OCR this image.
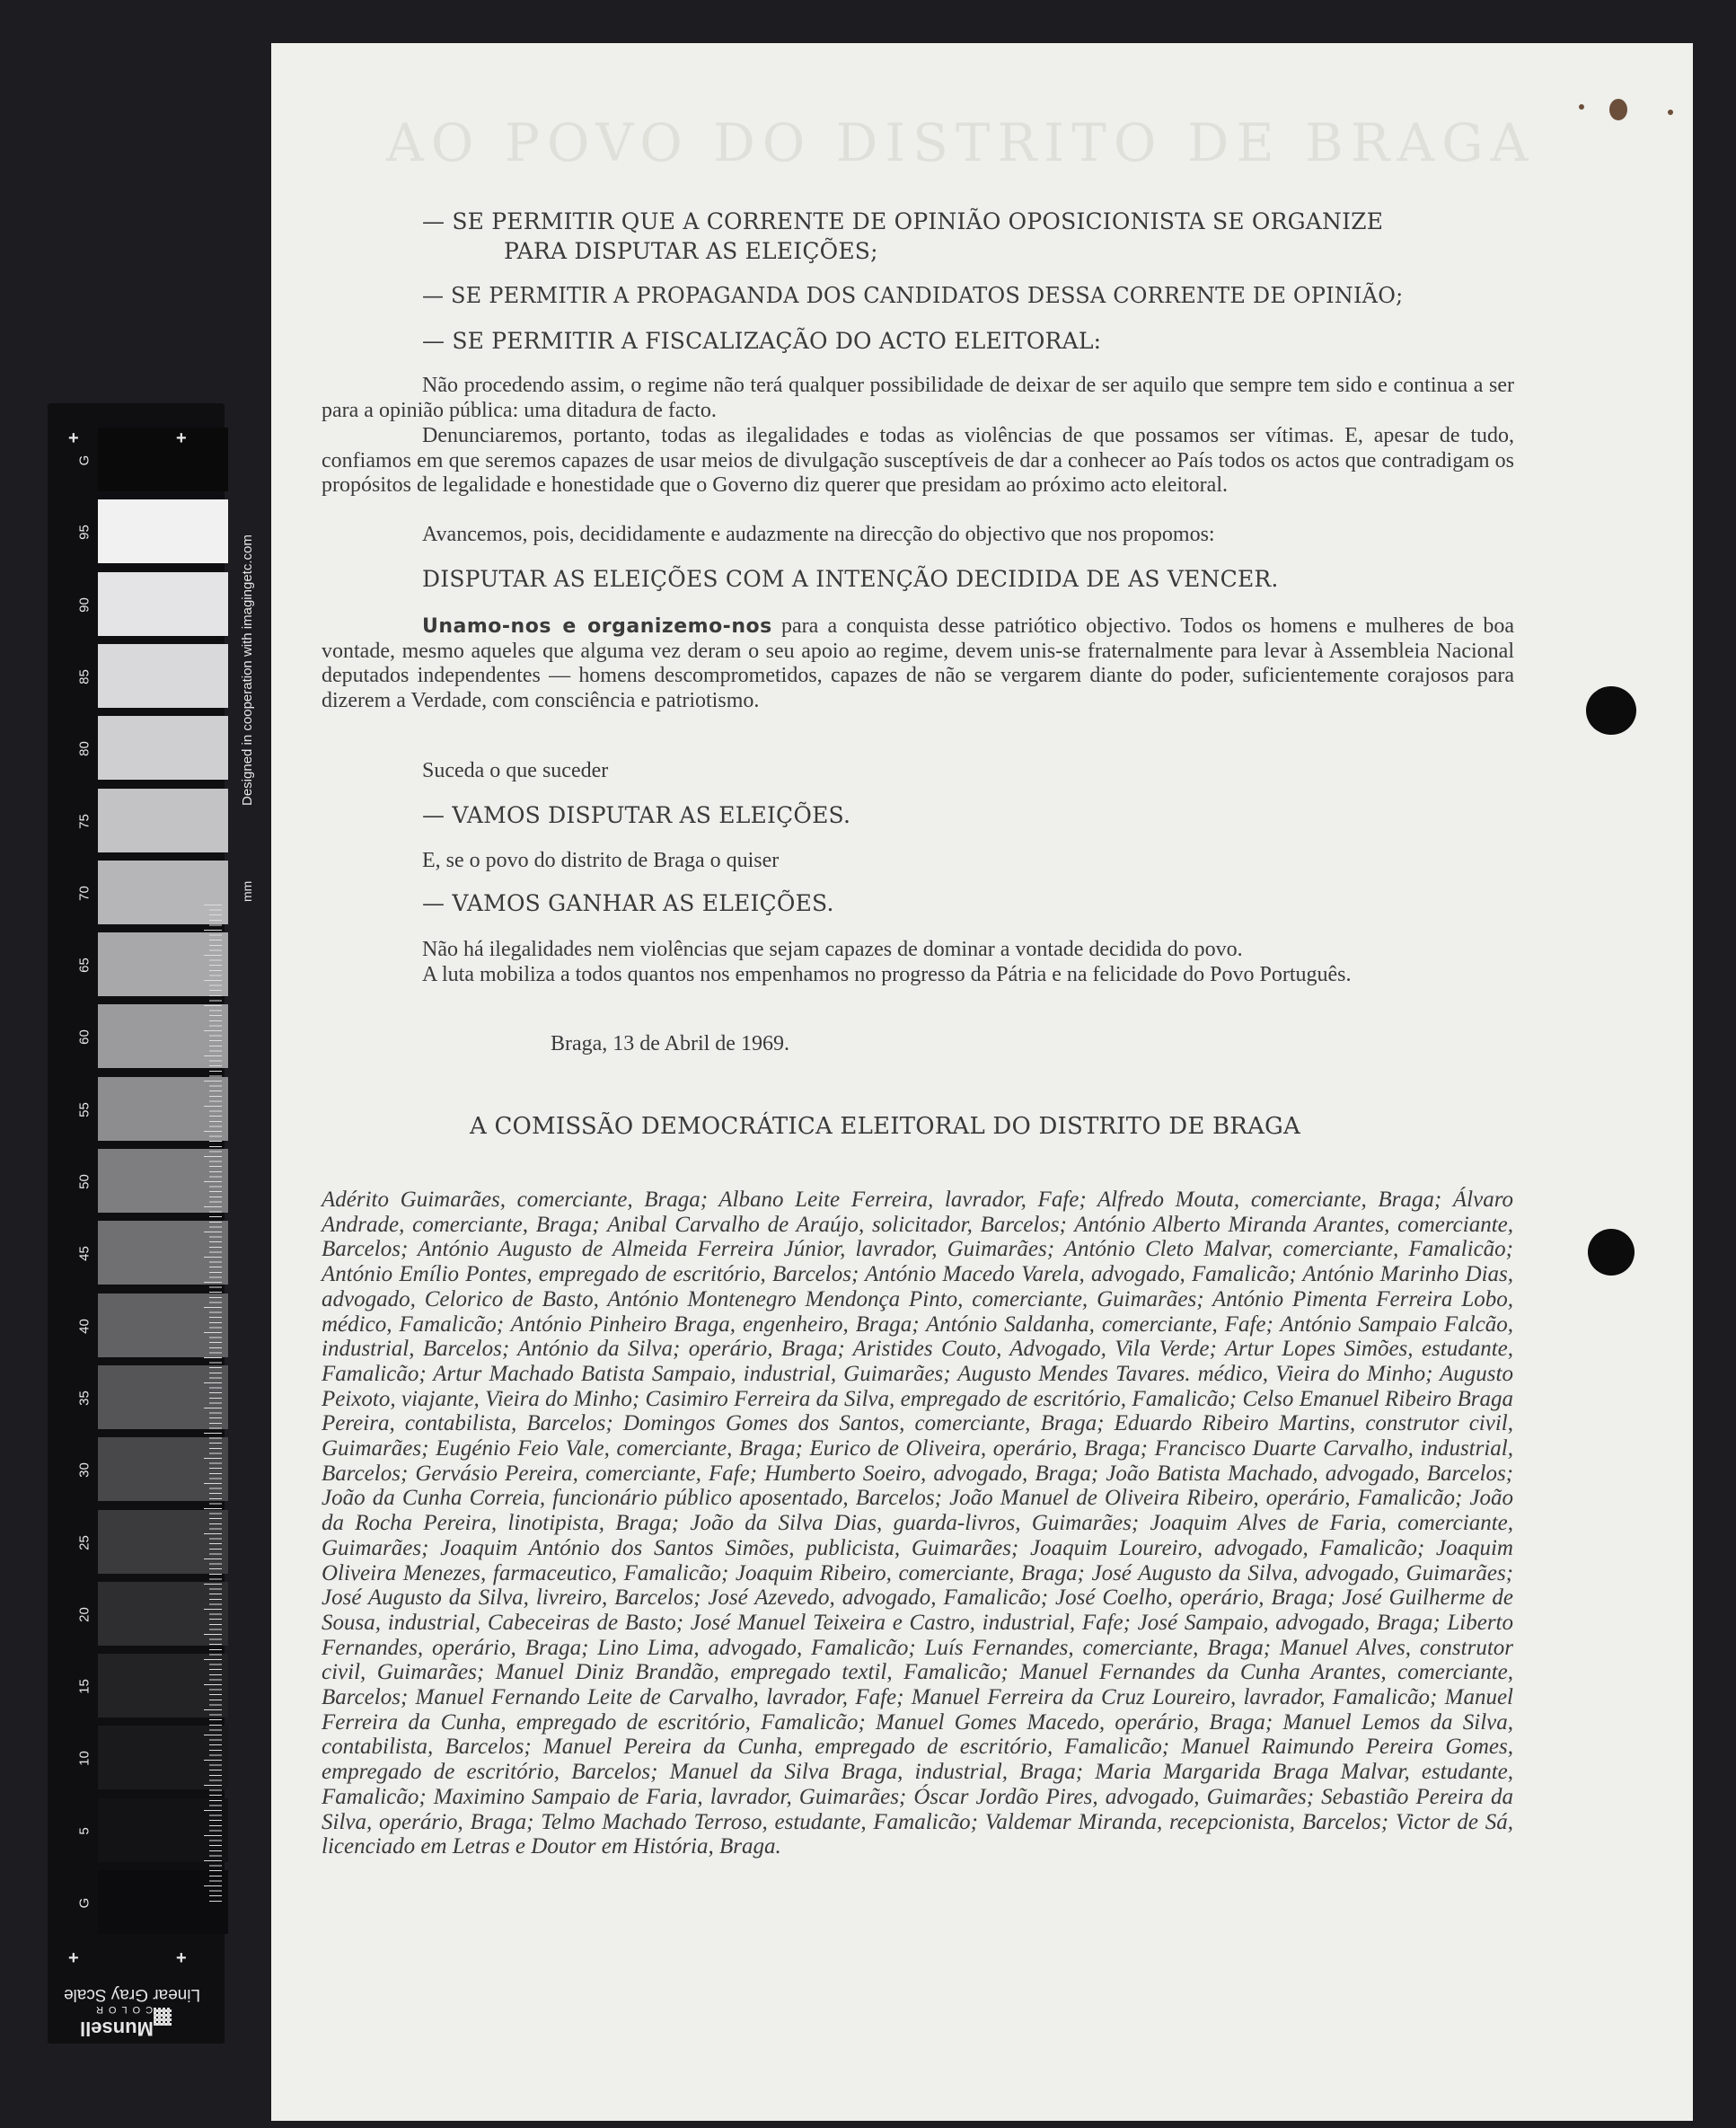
G
95
90
85
80
75
70
65
60
55
50
45
40
35
30
25
20
15
10
5
G
+	+
+	+
Designed in cooperation with imagingetc.com
mm
Linear Gray Scale
COLOR
Munsell
AO POVO DO DISTRITO DE BRAGA
— SE PERMITIR QUE A CORRENTE DE OPINIÃO OPOSICIONISTA SE ORGANIZE
PARA DISPUTAR AS ELEIÇÕES;
— SE PERMITIR A PROPAGANDA DOS CANDIDATOS DESSA CORRENTE DE OPINIÃO;
— SE PERMITIR A FISCALIZAÇÃO DO ACTO ELEITORAL:
Não procedendo assim, o regime não terá qualquer possibilidade de deixar de ser aquilo que sempre tem sido e continua a ser para a opinião pública: uma ditadura de facto.
Denunciaremos, portanto, todas as ilegalidades e todas as violências de que possamos ser vítimas. E, apesar de tudo, confiamos em que seremos capazes de usar meios de divulgação susceptíveis de dar a conhecer ao País todos os actos que contradigam os propósitos de legalidade e honestidade que o Governo diz querer que presidam ao próximo acto eleitoral.
Avancemos, pois, decididamente e audazmente na direcção do objectivo que nos propomos:
DISPUTAR AS ELEIÇÕES COM A INTENÇÃO DECIDIDA DE AS VENCER.
Unamo-nos e organizemo-nos para a conquista desse patriótico objectivo. Todos os homens e mulheres de boa vontade, mesmo aqueles que alguma vez deram o seu apoio ao regime, devem unis-se fraternalmente para levar à Assembleia Nacional deputados independentes — homens descomprometidos, capazes de não se vergarem diante do poder, suficientemente corajosos para dizerem a Verdade, com consciência e patriotismo.
Suceda o que suceder
— VAMOS DISPUTAR AS ELEIÇÕES.
E, se o povo do distrito de Braga o quiser
— VAMOS GANHAR AS ELEIÇÕES.
Não há ilegalidades nem violências que sejam capazes de dominar a vontade decidida do povo.
A luta mobiliza a todos quantos nos empenhamos no progresso da Pátria e na felicidade do Povo Português.
Braga, 13 de Abril de 1969.
A COMISSÃO DEMOCRÁTICA ELEITORAL DO DISTRITO DE BRAGA
Adérito Guimarães, comerciante, Braga; Albano Leite Ferreira, lavrador, Fafe; Alfredo Mouta, comerciante, Braga; Álvaro Andrade, comerciante, Braga; Anibal Carvalho de Araújo, solicitador, Barcelos; António Alberto Miranda Arantes, comerciante, Barcelos; António Augusto de Almeida Ferreira Júnior, lavrador, Guimarães; António Cleto Malvar, comerciante, Famalicão; António Emílio Pontes, empregado de escritório, Barcelos; António Macedo Varela, advogado, Famalicão; António Marinho Dias, advogado, Celorico de Basto, António Montenegro Mendonça Pinto, comerciante, Guimarães; António Pimenta Ferreira Lobo, médico, Famalicão; António Pinheiro Braga, engenheiro, Braga; António Saldanha, comerciante, Fafe; António Sampaio Falcão, industrial, Barcelos; António da Silva; operário, Braga; Aristides Couto, Advogado, Vila Verde; Artur Lopes Simões, estudante, Famalicão; Artur Machado Batista Sampaio, industrial, Guimarães; Augusto Mendes Tavares. médico, Vieira do Minho; Augusto Peixoto, viajante, Vieira do Minho; Casimiro Ferreira da Silva, empregado de escritório, Famalicão; Celso Emanuel Ribeiro Braga Pereira, contabilista, Barcelos; Domingos Gomes dos Santos, comerciante, Braga; Eduardo Ribeiro Martins, construtor civil, Guimarães; Eugénio Feio Vale, comerciante, Braga; Eurico de Oliveira, operário, Braga; Francisco Duarte Carvalho, industrial, Barcelos; Gervásio Pereira, comerciante, Fafe; Humberto Soeiro, advogado, Braga; João Batista Machado, advogado, Barcelos; João da Cunha Correia, funcionário público aposentado, Barcelos; João Manuel de Oliveira Ribeiro, operário, Famalicão; João da Rocha Pereira, linotipista, Braga; João da Silva Dias, guarda-livros, Guimarães; Joaquim Alves de Faria, comerciante, Guimarães; Joaquim António dos Santos Simões, publicista, Guimarães; Joaquim Loureiro, advogado, Famalicão; Joaquim Oliveira Menezes, farmaceutico, Famalicão; Joaquim Ribeiro, comerciante, Braga; José Augusto da Silva, advogado, Guimarães; José Augusto da Silva, livreiro, Barcelos; José Azevedo, advogado, Famalicão; José Coelho, operário, Braga; José Guilherme de Sousa, industrial, Cabeceiras de Basto; José Manuel Teixeira e Castro, industrial, Fafe; José Sampaio, advogado, Braga; Liberto Fernandes, operário, Braga; Lino Lima, advogado, Famalicão; Luís Fernandes, comerciante, Braga; Manuel Alves, construtor civil, Guimarães; Manuel Diniz Brandão, empregado textil, Famalicão; Manuel Fernandes da Cunha Arantes, comerciante, Barcelos; Manuel Fernando Leite de Carvalho, lavrador, Fafe; Manuel Ferreira da Cruz Loureiro, lavrador, Famalicão; Manuel Ferreira da Cunha, empregado de escritório, Famalicão; Manuel Gomes Macedo, operário, Braga; Manuel Lemos da Silva, contabilista, Barcelos; Manuel Pereira da Cunha, empregado de escritório, Famalicão; Manuel Raimundo Pereira Gomes, empregado de escritório, Barcelos; Manuel da Silva Braga, industrial, Braga; Maria Margarida Braga Malvar, estudante, Famalicão; Maximino Sampaio de Faria, lavrador, Guimarães; Óscar Jordão Pires, advogado, Guimarães; Sebastião Pereira da Silva, operário, Braga; Telmo Machado Terroso, estudante, Famalicão; Valdemar Miranda, recepcionista, Barcelos; Victor de Sá, licenciado em Letras e Doutor em História, Braga.
